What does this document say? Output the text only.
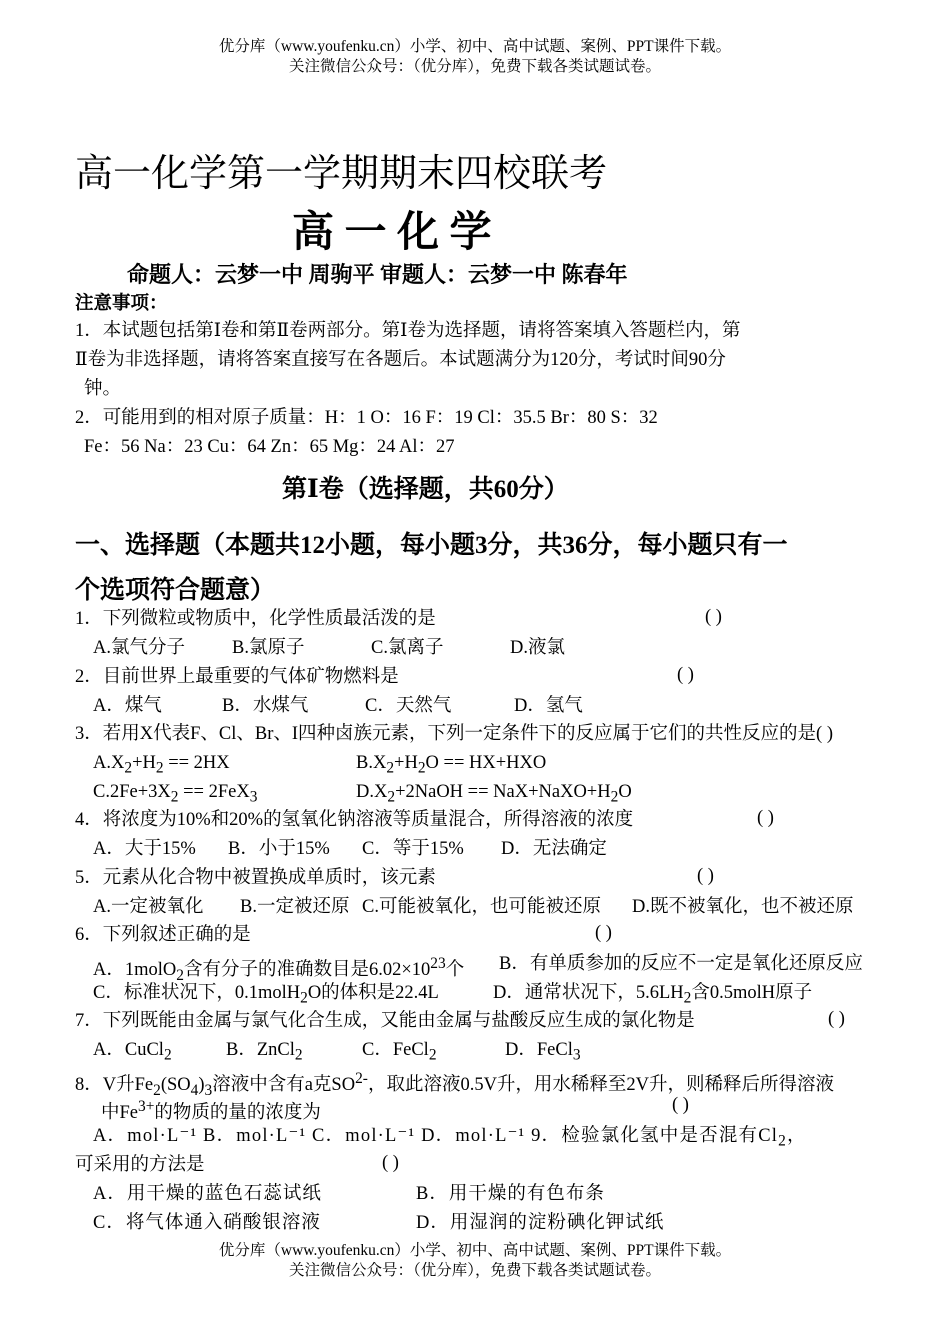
优分库（www.youfenku.cn）小学、初中、高中试题、案例、PPT课件下载。
关注微信公众号：（优分库），免费下载各类试题试卷。
高一化学第一学期期末四校联考
高 一 化 学
命题人：云梦一中 周驹平 审题人：云梦一中 陈春年
注意事项：
1．本试题包括第Ⅰ卷和第Ⅱ卷两部分。第Ⅰ卷为选择题，请将答案填入答题栏内，第
Ⅱ卷为非选择题，请将答案直接写在各题后。本试题满分为120分，考试时间90分
钟。
2．可能用到的相对原子质量：H：1 O：16 F：19 Cl：35.5 Br：80 S：32
Fe：56 Na：23 Cu：64 Zn：65 Mg：24 Al：27
第Ⅰ卷（选择题，共60分）
一、选择题（本题共12小题，每小题3分，共36分，每小题只有一
个选项符合题意）
1．下列微粒或物质中，化学性质最活泼的是	( )
A.氯气分子	B.氯原子	C.氯离子	D.液氯
2．目前世界上最重要的气体矿物燃料是	( )
A．煤气	B．水煤气	C．天然气	D．氢气
3．若用X代表F、Cl、Br、I四种卤族元素，下列一定条件下的反应属于它们的共性反应的是( )
$A.X_2+H_2 == 2HX$	$B.X_2+H_2O == HX+HXO$
$C.2Fe+3X_2 == 2FeX_3$	$D.X_2+2NaOH$ == $NaX+NaXO+H_2O$
4．将浓度为10%和20%的氢氧化钠溶液等质量混合，所得溶液的浓度	( )
A．大于15% B．小于15% C．等于15% D．无法确定
5．元素从化合物中被置换成单质时，该元素	( )
A.一定被氧化 B.一定被还原 C.可能被氧化，也可能被还原 D.既不被氧化，也不被还原
6．下列叙述正确的是	( )
A．1molO$_2$含有分子的准确数目是$6.02\times 10^{23}$个 B．有单质参加的反应不一定是氧化还原反应
C．标准状况下，0.1molH$_2$O的体积是22.4L	D．通常状况下，$5.6LH_2$含0.5molH原子
7．下列既能由金属与氯气化合生成，又能由金属与盐酸反应生成的氯化物是	( )
A．CuCl$_2$	B．ZnCl$_2$	C．FeCl$_2$	D．FeCl$_3$
8．V升$Fe_2(SO_4)_3$溶液中含有a克$SO^{2-}$，取此溶液0.5V升，用水稀释至2V升，则稀释后所得溶液
中$Fe^{3+}$的物质的量的浓度为	( )
A．mol·L⁻¹ B．mol·L⁻¹ C．mol·L⁻¹ D．mol·L⁻¹ 9．检验氯化氢中是否混有$Cl_2$，
可采用的方法是	( )
A．用干燥的蓝色石蕊试纸	B．用干燥的有色布条
C．将气体通入硝酸银溶液	D．用湿润的淀粉碘化钾试纸
优分库（www.youfenku.cn）小学、初中、高中试题、案例、PPT课件下载。
关注微信公众号：（优分库），免费下载各类试题试卷。
